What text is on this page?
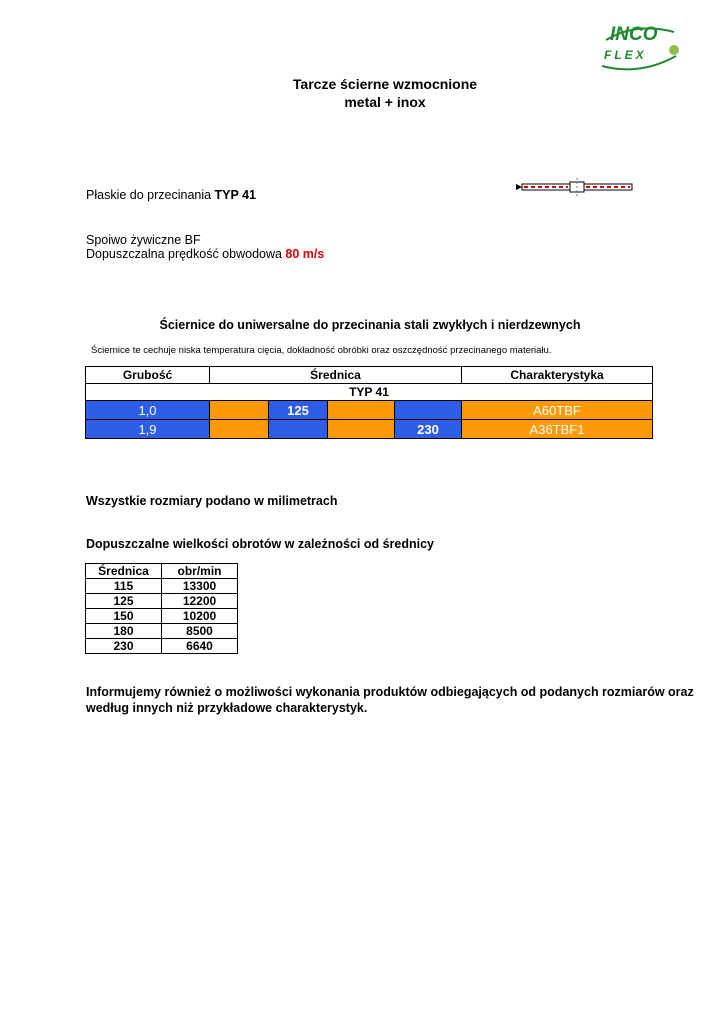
INCO
FLEX
Tarcze ścierne wzmocnione
metal + inox
Płaskie do przecinania TYP 41
Spoiwo żywiczne BF
Dopuszczalna prędkość obwodowa 80 m/s
Ściernice do uniwersalne do przecinania stali zwykłych i nierdzewnych
Ściernice te cechuje niska temperatura cięcia, dokładność obróbki oraz oszczędność przecinanego materiału.
Grubość	Średnica				Charakterystyka
TYP 41					
1,0		125			A60TBF
1,9				230	A36TBF1
Wszystkie rozmiary podano w milimetrach
Dopuszczalne wielkości obrotów w zależności od średnicy
Średnica	obr/min
115	13300
125	12200
150	10200
180	8500
230	6640
Informujemy również o możliwości wykonania produktów odbiegających od podanych rozmiarów oraz
według innych niż przykładowe charakterystyk.
